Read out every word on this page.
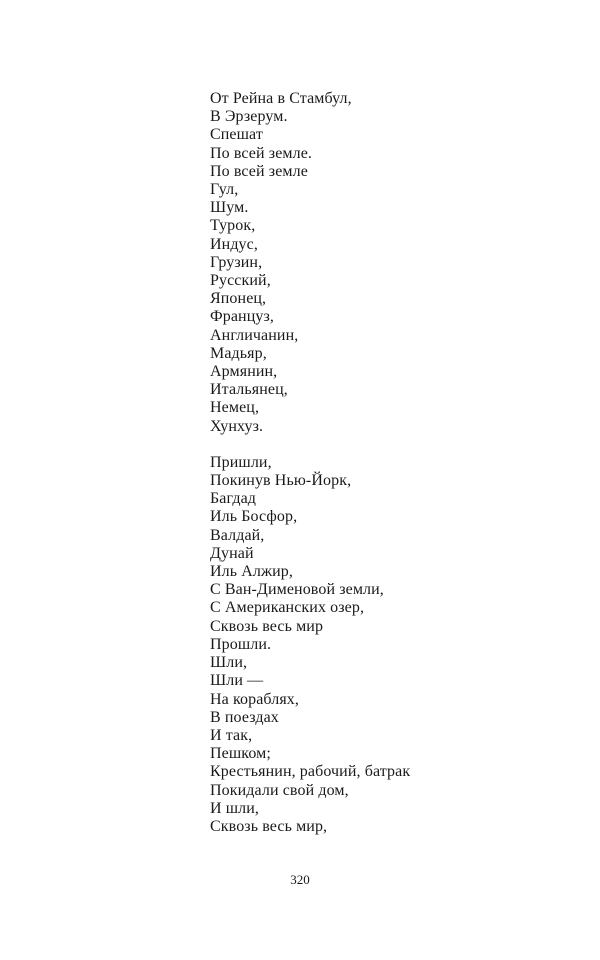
От Рейна в Стамбул,
В Эрзерум.
Спешат
По всей земле.
По всей земле
Гул,
Шум.
Турок,
Индус,
Грузин,
Русский,
Японец,
Француз,
Англичанин,
Мадьяр,
Армянин,
Итальянец,
Немец,
Хунхуз.
Пришли,
Покинув Нью-Йорк,
Багдад
Иль Босфор,
Валдай,
Дунай
Иль Алжир,
С Ван-Дименовой земли,
С Американских озер,
Сквозь весь мир
Прошли.
Шли,
Шли —
На кораблях,
В поездах
И так,
Пешком;
Крестьянин, рабочий, батрак
Покидали свой дом,
И шли,
Сквозь весь мир,
320
